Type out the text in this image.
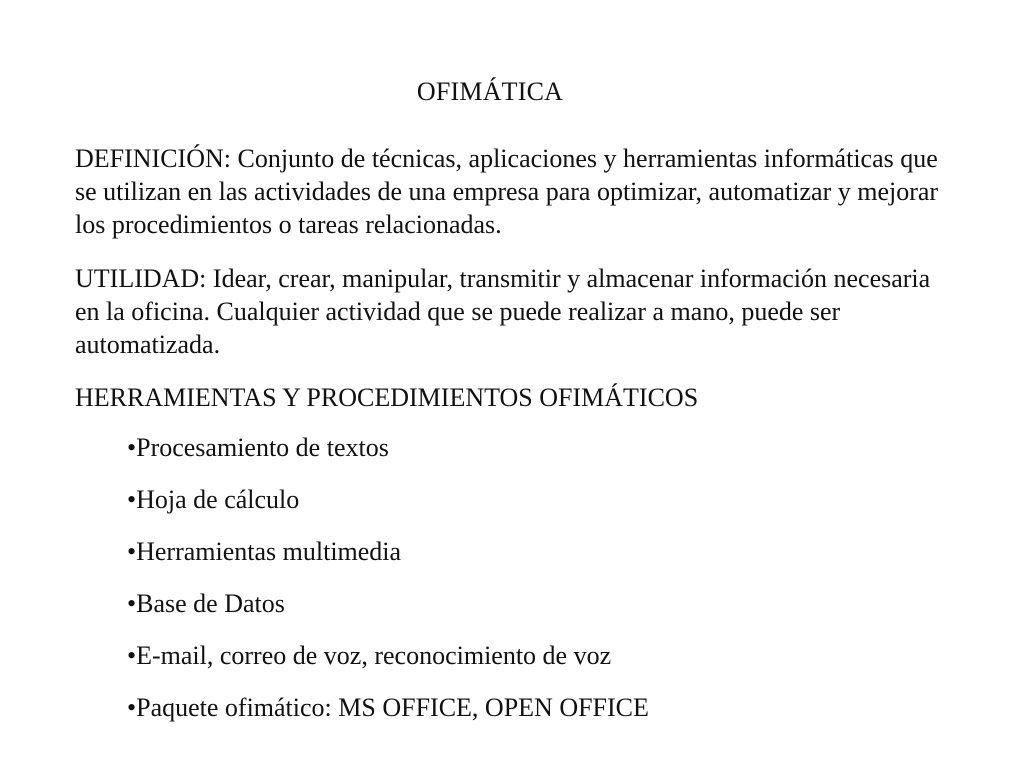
OFIMÁTICA
DEFINICIÓN: Conjunto de técnicas, aplicaciones y herramientas informáticas que se utilizan en las actividades de una empresa para optimizar, automatizar y mejorar los procedimientos o tareas relacionadas.
UTILIDAD: Idear, crear, manipular, transmitir y almacenar información necesaria en la oficina. Cualquier actividad que se puede realizar a mano, puede ser automatizada.
HERRAMIENTAS Y PROCEDIMIENTOS OFIMÁTICOS
•Procesamiento de textos
•Hoja de cálculo
•Herramientas multimedia
•Base de Datos
•E-mail, correo de voz, reconocimiento de voz
•Paquete ofimático: MS OFFICE, OPEN OFFICE
